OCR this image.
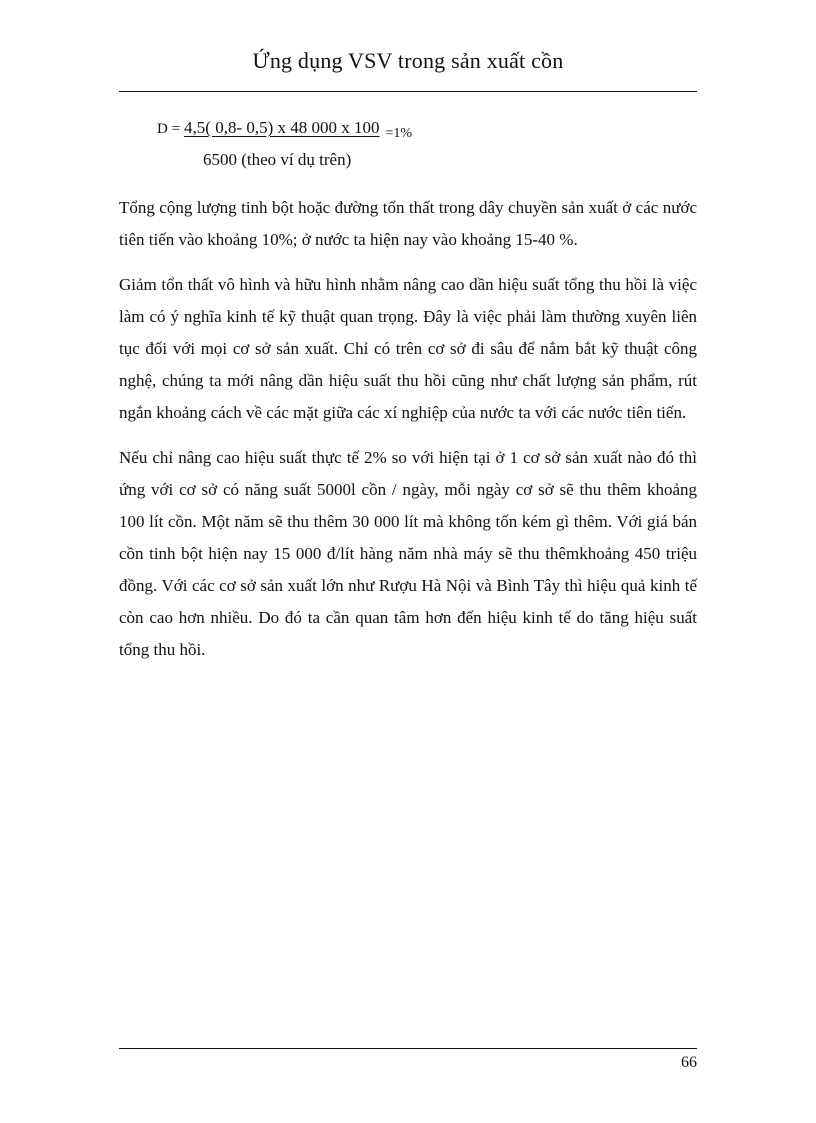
Ứng dụng VSV trong sản xuất cồn
D = 4,5( 0,8- 0,5) x 48 000 x 100 =1%
6500 (theo ví dụ trên)

Tổng cộng lượng tinh bột hoặc đường tổn thất trong dây chuyền sản xuất ở các nước tiên tiến vào khoảng 10%; ở nước ta hiện nay vào khoảng 15-40 %.

Giảm tổn thất vô hình và hữu hình nhằm nâng cao dần hiệu suất tổng thu hồi là việc làm có ý nghĩa kinh tế kỹ thuật quan trọng. Đây là việc phải làm thường xuyên liên tục đối với mọi cơ sở sản xuất. Chỉ có trên cơ sở đi sâu để nắm bắt kỹ thuật công nghệ, chúng ta mới nâng dần hiệu suất thu hồi cũng như chất lượng sản phẩm, rút ngắn khoảng cách về các mặt giữa các xí nghiệp của nước ta với các nước tiên tiến.

Nếu chỉ nâng cao hiệu suất thực tế 2% so với hiện tại ở 1 cơ sở sản xuất nào đó thì ứng với cơ sở có năng suất 5000l cồn / ngày, mỗi ngày cơ sở sẽ thu thêm khoảng 100 lít cồn. Một năm sẽ thu thêm 30 000 lít mà không tốn kém gì thêm. Với giá bán cồn tinh bột hiện nay 15 000 đ/lít hàng năm nhà máy sẽ thu thêmkhoảng 450 triệu đồng. Với các cơ sở sản xuất lớn như Rượu Hà Nội và Bình Tây thì hiệu quả kinh tế còn cao hơn nhiều. Do đó ta cần quan tâm hơn đến hiệu kinh tế do tăng hiệu suất tổng thu hồi.

66
